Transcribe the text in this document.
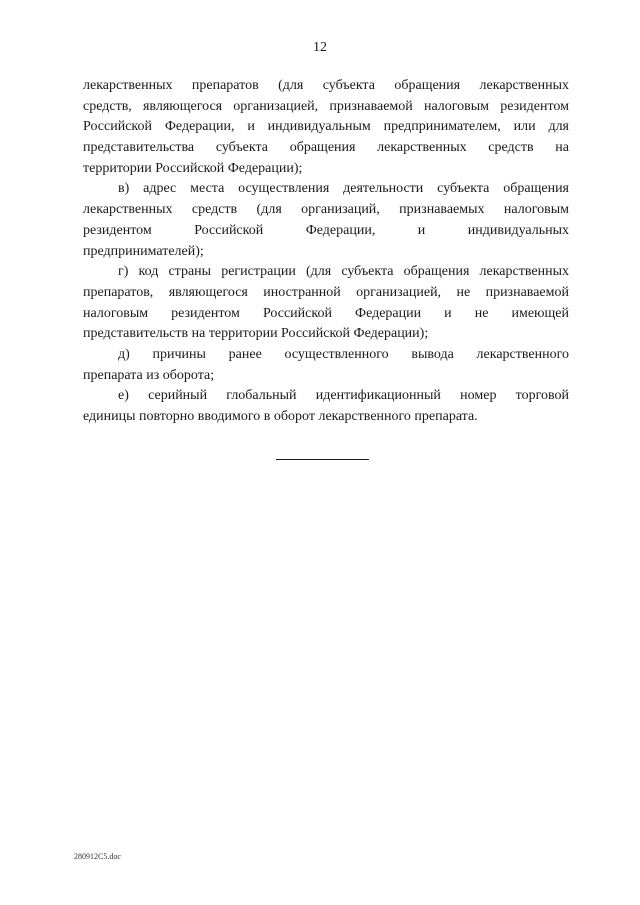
12
лекарственных препаратов (для субъекта обращения лекарственных
средств, являющегося организацией, признаваемой налоговым резидентом
Российской Федерации, и индивидуальным предпринимателем, или для
представительства субъекта обращения лекарственных средств на
территории Российской Федерации);
в) адрес места осуществления деятельности субъекта обращения
лекарственных средств (для организаций, признаваемых налоговым
резидентом Российской Федерации, и индивидуальных
предпринимателей);
г) код страны регистрации (для субъекта обращения лекарственных
препаратов, являющегося иностранной организацией, не признаваемой
налоговым резидентом Российской Федерации и не имеющей
представительств на территории Российской Федерации);
д) причины ранее осуществленного вывода лекарственного
препарата из оборота;
е) серийный глобальный идентификационный номер торговой
единицы повторно вводимого в оборот лекарственного препарата.
280912C5.doc
